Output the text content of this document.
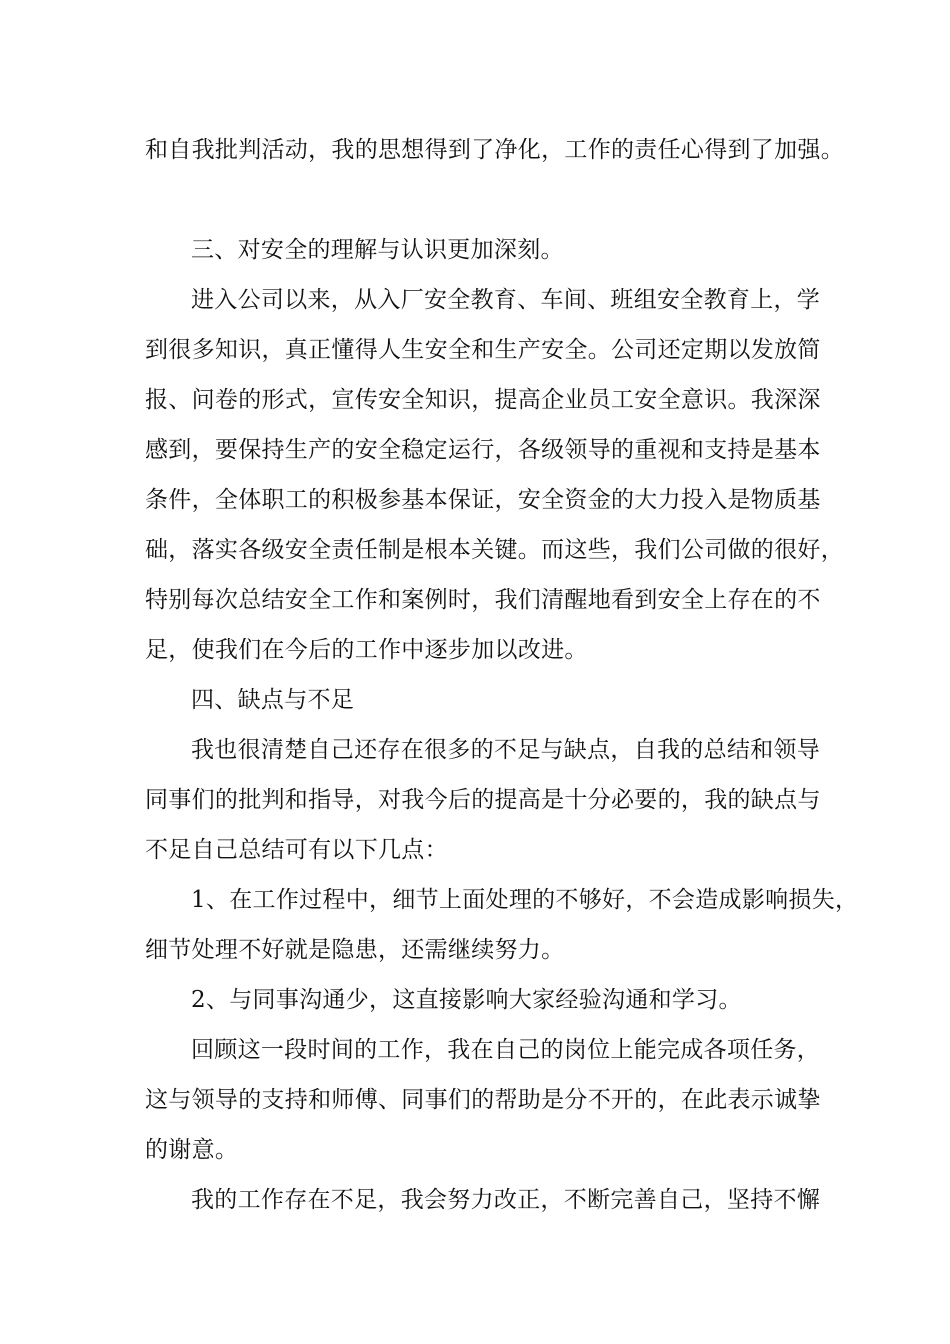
和自我批判活动，我的思想得到了净化，工作的责任心得到了加强。
三、对安全的理解与认识更加深刻。
进入公司以来，从入厂安全教育、车间、班组安全教育上，学
到很多知识，真正懂得人生安全和生产安全。公司还定期以发放简
报、问卷的形式，宣传安全知识，提高企业员工安全意识。我深深
感到，要保持生产的安全稳定运行，各级领导的重视和支持是基本
条件，全体职工的积极参基本保证，安全资金的大力投入是物质基
础，落实各级安全责任制是根本关键。而这些，我们公司做的很好，
特别每次总结安全工作和案例时，我们清醒地看到安全上存在的不
足，使我们在今后的工作中逐步加以改进。
四、缺点与不足
我也很清楚自己还存在很多的不足与缺点，自我的总结和领导
同事们的批判和指导，对我今后的提高是十分必要的，我的缺点与
不足自己总结可有以下几点：
1、在工作过程中，细节上面处理的不够好，不会造成影响损失，
细节处理不好就是隐患，还需继续努力。
2、与同事沟通少，这直接影响大家经验沟通和学习。
回顾这一段时间的工作，我在自己的岗位上能完成各项任务，
这与领导的支持和师傅、同事们的帮助是分不开的，在此表示诚挚
的谢意。
我的工作存在不足，我会努力改正，不断完善自己，坚持不懈
